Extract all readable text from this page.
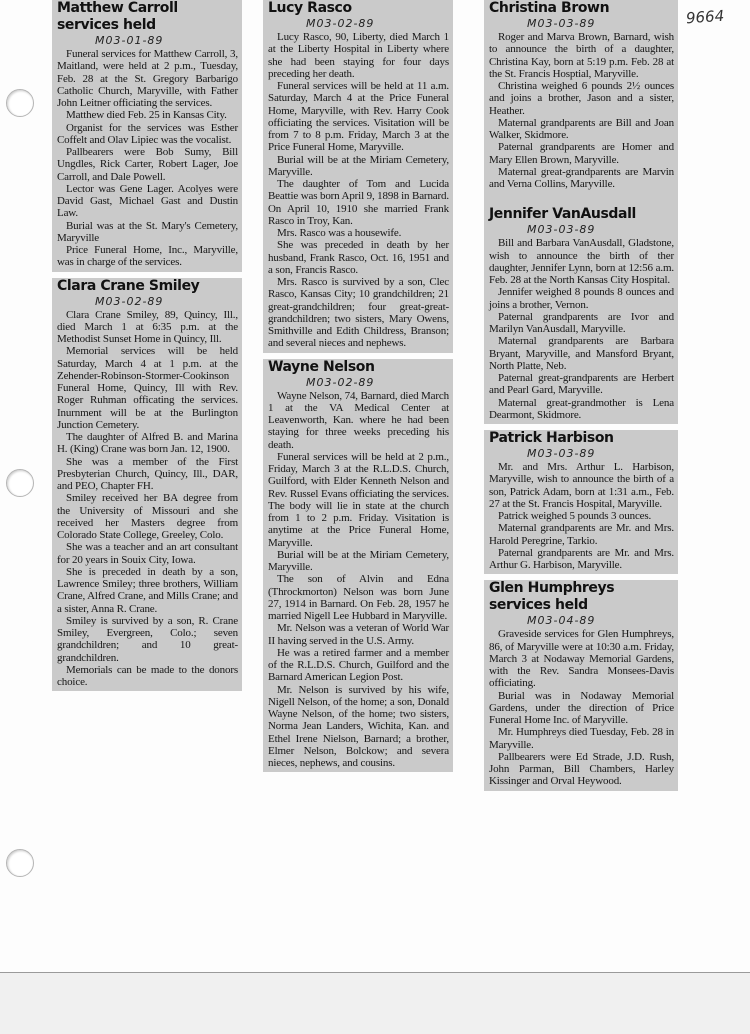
9664
Matthew Carroll
services held
M03-01-89

Funeral services for Matthew Carroll, 3, Maitland, were held at 2 p.m., Tuesday, Feb. 28 at the St. Gregory Barbarigo Catholic Church, Maryville, with Father John Leitner officiating the services.

Matthew died Feb. 25 in Kansas City.

Organist for the services was Esther Coffelt and Olav Lipiec was the vocalist.

Pallbearers were Bob Sumy, Bill Ungdles, Rick Carter, Robert Lager, Joe Carroll, and Dale Powell.

Lector was Gene Lager. Acolyes were David Gast, Michael Gast and Dustin Law.

Burial was at the St. Mary's Cemetery, Maryville

Price Funeral Home, Inc., Maryville, was in charge of the services.

Clara Crane Smiley
M03-02-89

Clara Crane Smiley, 89, Quincy, Ill., died March 1 at 6:35 p.m. at the Methodist Sunset Home in Quincy, Ill.

Memorial services will be held Saturday, March 4 at 1 p.m. at the Zehender-Robinson-Stormer-Cookinson Funeral Home, Quincy, Ill with Rev. Roger Ruhman officating the services. Inurnment will be at the Burlington Junction Cemetery.

The daughter of Alfred B. and Marina H. (King) Crane was born Jan. 12, 1900.

She was a member of the First Presbyterian Church, Quincy, Ill., DAR, and PEO, Chapter FH.

Smiley received her BA degree from the University of Missouri and she received her Masters degree from Colorado State College, Greeley, Colo.

She was a teacher and an art consultant for 20 years in Souix City, Iowa.

She is preceded in death by a son, Lawrence Smiley; three brothers, William Crane, Alfred Crane, and Mills Crane; and a sister, Anna R. Crane.

Smiley is survived by a son, R. Crane Smiley, Evergreen, Colo.; seven grandchildren; and 10 great-grandchildren.

Memorials can be made to the donors choice.

Lucy Rasco
M03-02-89

Lucy Rasco, 90, Liberty, died March 1 at the Liberty Hospital in Liberty where she had been staying for four days preceding her death.

Funeral services will be held at 11 a.m. Saturday, March 4 at the Price Funeral Home, Maryville, with Rev. Harry Cook officiating the services. Visitation will be from 7 to 8 p.m. Friday, March 3 at the Price Funeral Home, Maryville.

Burial will be at the Miriam Cemetery, Maryville.

The daughter of Tom and Lucida Beattie was born April 9, 1898 in Barnard. On April 10, 1910 she married Frank Rasco in Troy, Kan.

Mrs. Rasco was a housewife.

She was preceded in death by her husband, Frank Rasco, Oct. 16, 1951 and a son, Francis Rasco.

Mrs. Rasco is survived by a son, Clec Rasco, Kansas City; 10 grandchildren; 21 great-grandchildren; four great-great-grandchildren; two sisters, Mary Owens, Smithville and Edith Childress, Branson; and several nieces and nephews.

Wayne Nelson
M03-02-89

Wayne Nelson, 74, Barnard, died March 1 at the VA Medical Center at Leavenworth, Kan. where he had been staying for three weeks preceding his death.

Funeral services will be held at 2 p.m., Friday, March 3 at the R.L.D.S. Church, Guilford, with Elder Kenneth Nelson and Rev. Russel Evans officiating the services. The body will lie in state at the church from 1 to 2 p.m. Friday. Visitation is anytime at the Price Funeral Home, Maryville.

Burial will be at the Miriam Cemetery, Maryville.

The son of Alvin and Edna (Throckmorton) Nelson was born June 27, 1914 in Barnard. On Feb. 28, 1957 he married Nigell Lee Hubbard in Maryville.

Mr. Nelson was a veteran of World War II having served in the U.S. Army.

He was a retired farmer and a member of the R.L.D.S. Church, Guilford and the Barnard American Legion Post.

Mr. Nelson is survived by his wife, Nigell Nelson, of the home; a son, Donald Wayne Nelson, of the home; two sisters, Norma Jean Landers, Wichita, Kan. and Ethel Irene Nielson, Barnard; a brother, Elmer Nelson, Bolckow; and severa nieces, nephews, and cousins.

Christina Brown
M03-03-89

Roger and Marva Brown, Barnard, wish to announce the birth of a daughter, Christina Kay, born at 5:19 p.m. Feb. 28 at the St. Francis Hosptial, Maryville.

Christina weighed 6 pounds 2½ ounces and joins a brother, Jason and a sister, Heather.

Maternal grandparents are Bill and Joan Walker, Skidmore.

Paternal grandparents are Homer and Mary Ellen Brown, Maryville.

Maternal great-grandparents are Marvin and Verna Collins, Maryville.

Jennifer VanAusdall
M03-03-89

Bill and Barbara VanAusdall, Gladstone, wish to announce the birth of ther daughter, Jennifer Lynn, born at 12:56 a.m. Feb. 28 at the North Kansas City Hospital.

Jennifer weighed 8 pounds 8 ounces and joins a brother, Vernon.

Paternal grandparents are Ivor and Marilyn VanAusdall, Maryville.

Maternal grandparents are Barbara Bryant, Maryville, and Mansford Bryant, North Platte, Neb.

Paternal great-grandparents are Herbert and Pearl Gard, Maryville.

Maternal great-grandmother is Lena Dearmont, Skidmore.

Patrick Harbison
M03-03-89

Mr. and Mrs. Arthur L. Harbison, Maryville, wish to announce the birth of a son, Patrick Adam, born at 1:31 a.m., Feb. 27 at the St. Francis Hospital, Maryville.

Patrick weighed 5 pounds 3 ounces.

Maternal grandparents are Mr. and Mrs. Harold Peregrine, Tarkio.

Paternal grandparents are Mr. and Mrs. Arthur G. Harbison, Maryville.

Glen Humphreys
services held
M03-04-89

Graveside services for Glen Humphreys, 86, of Maryville were at 10:30 a.m. Friday, March 3 at Nodaway Memorial Gardens, with the Rev. Sandra Monsees-Davis officiating.

Burial was in Nodaway Memorial Gardens, under the direction of Price Funeral Home Inc. of Maryville.

Mr. Humphreys died Tuesday, Feb. 28 in Maryville.

Pallbearers were Ed Strade, J.D. Rush, John Parman, Bill Chambers, Harley Kissinger and Orval Heywood.
